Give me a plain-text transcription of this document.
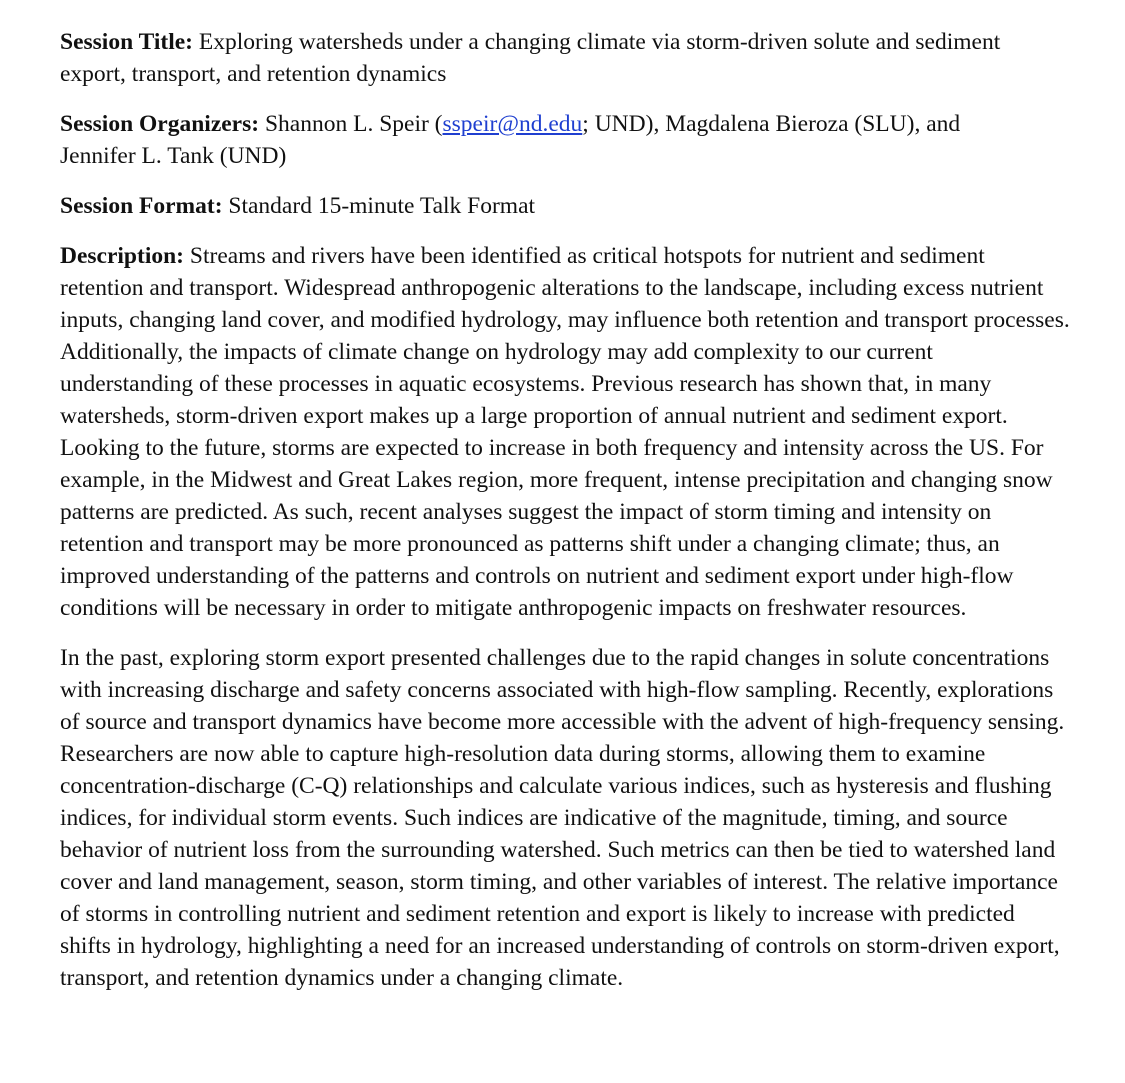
Session Title: Exploring watersheds under a changing climate via storm-driven solute and sediment export, transport, and retention dynamics

Session Organizers: Shannon L. Speir (sspeir@nd.edu; UND), Magdalena Bieroza (SLU), and
Jennifer L. Tank (UND)

Session Format: Standard 15-minute Talk Format

Description: Streams and rivers have been identified as critical hotspots for nutrient and sediment retention and transport. Widespread anthropogenic alterations to the landscape, including excess nutrient inputs, changing land cover, and modified hydrology, may influence both retention and transport processes. Additionally, the impacts of climate change on hydrology may add complexity to our current understanding of these processes in aquatic ecosystems. Previous research has shown that, in many watersheds, storm-driven export makes up a large proportion of annual nutrient and sediment export. Looking to the future, storms are expected to increase in both frequency and intensity across the US. For example, in the Midwest and Great Lakes region, more frequent, intense precipitation and changing snow patterns are predicted. As such, recent analyses suggest the impact of storm timing and intensity on retention and transport may be more pronounced as patterns shift under a changing climate; thus, an improved understanding of the patterns and controls on nutrient and sediment export under high-flow conditions will be necessary in order to mitigate anthropogenic impacts on freshwater resources.

In the past, exploring storm export presented challenges due to the rapid changes in solute concentrations with increasing discharge and safety concerns associated with high-flow sampling. Recently, explorations of source and transport dynamics have become more accessible with the advent of high-frequency sensing. Researchers are now able to capture high-resolution data during storms, allowing them to examine concentration-discharge (C-Q) relationships and calculate various indices, such as hysteresis and flushing indices, for individual storm events. Such indices are indicative of the magnitude, timing, and source behavior of nutrient loss from the surrounding watershed. Such metrics can then be tied to watershed land cover and land management, season, storm timing, and other variables of interest. The relative importance of storms in controlling nutrient and sediment retention and export is likely to increase with predicted shifts in hydrology, highlighting a need for an increased understanding of controls on storm-driven export, transport, and retention dynamics under a changing climate.
